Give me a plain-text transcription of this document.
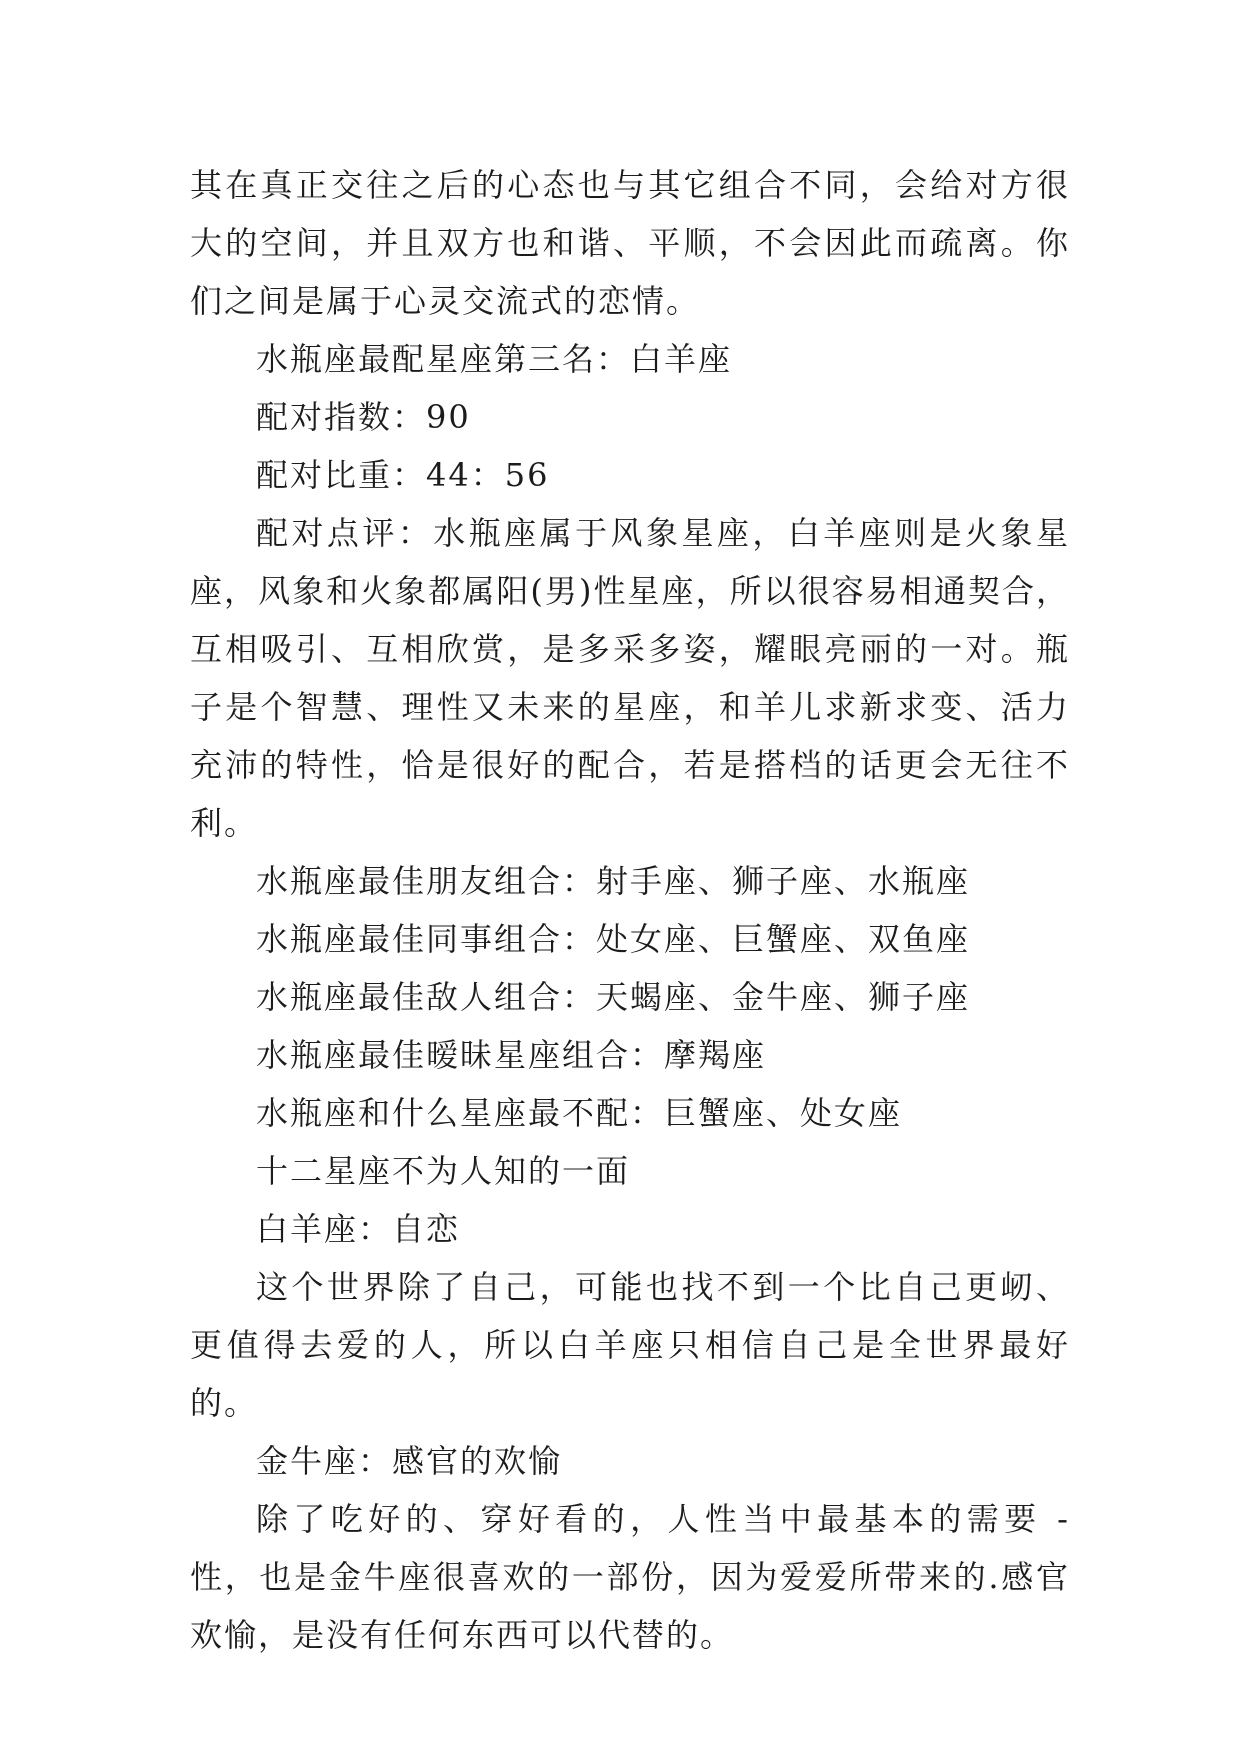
其在真正交往之后的心态也与其它组合不同，会给对方很大的空间，并且双方也和谐、平顺，不会因此而疏离。你们之间是属于心灵交流式的恋情。

水瓶座最配星座第三名：白羊座

配对指数：90

配对比重：44：56

配对点评：水瓶座属于风象星座，白羊座则是火象星座，风象和火象都属阳(男)性星座，所以很容易相通契合，互相吸引、互相欣赏，是多采多姿，耀眼亮丽的一对。瓶子是个智慧、理性又未来的星座，和羊儿求新求变、活力充沛的特性，恰是很好的配合，若是搭档的话更会无往不利。

水瓶座最佳朋友组合：射手座、狮子座、水瓶座

水瓶座最佳同事组合：处女座、巨蟹座、双鱼座

水瓶座最佳敌人组合：天蝎座、金牛座、狮子座

水瓶座最佳暧昧星座组合：摩羯座

水瓶座和什么星座最不配：巨蟹座、处女座

十二星座不为人知的一面

白羊座：自恋

这个世界除了自己，可能也找不到一个比自己更屻、更值得去爱的人，所以白羊座只相信自己是全世界最好的。

金牛座：感官的欢愉

除了吃好的、穿好看的，人性当中最基本的需要 - 性，也是金牛座很喜欢的一部份，因为爱爱所带来的.感官欢愉，是没有任何东西可以代替的。
